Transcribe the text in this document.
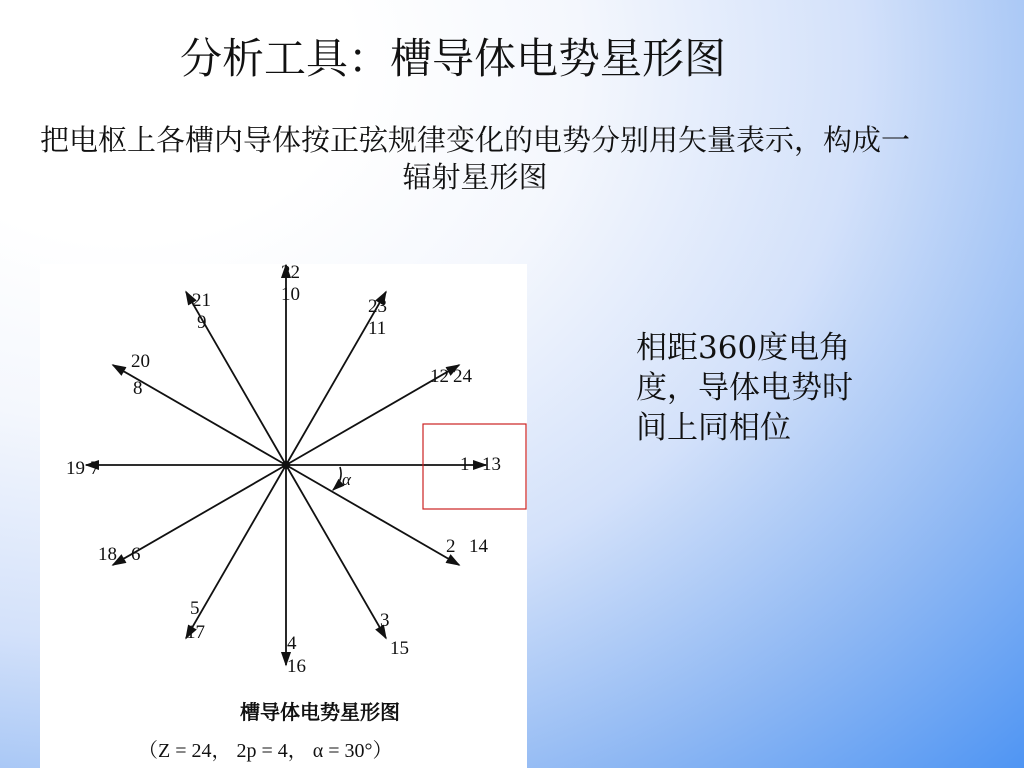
分析工具：槽导体电势星形图
把电枢上各槽内导体按正弦规律变化的电势分别用矢量表示，构成一辐射星形图
相距360度电角度，导体电势时间上同相位
1 13
12 24
11
23
10
22
9
21
8
20
7
19
6
18
5
17
4
16
3
15
2 14
α
槽导体电势星形图
（Z = 24， 2p = 4， α = 30°）
